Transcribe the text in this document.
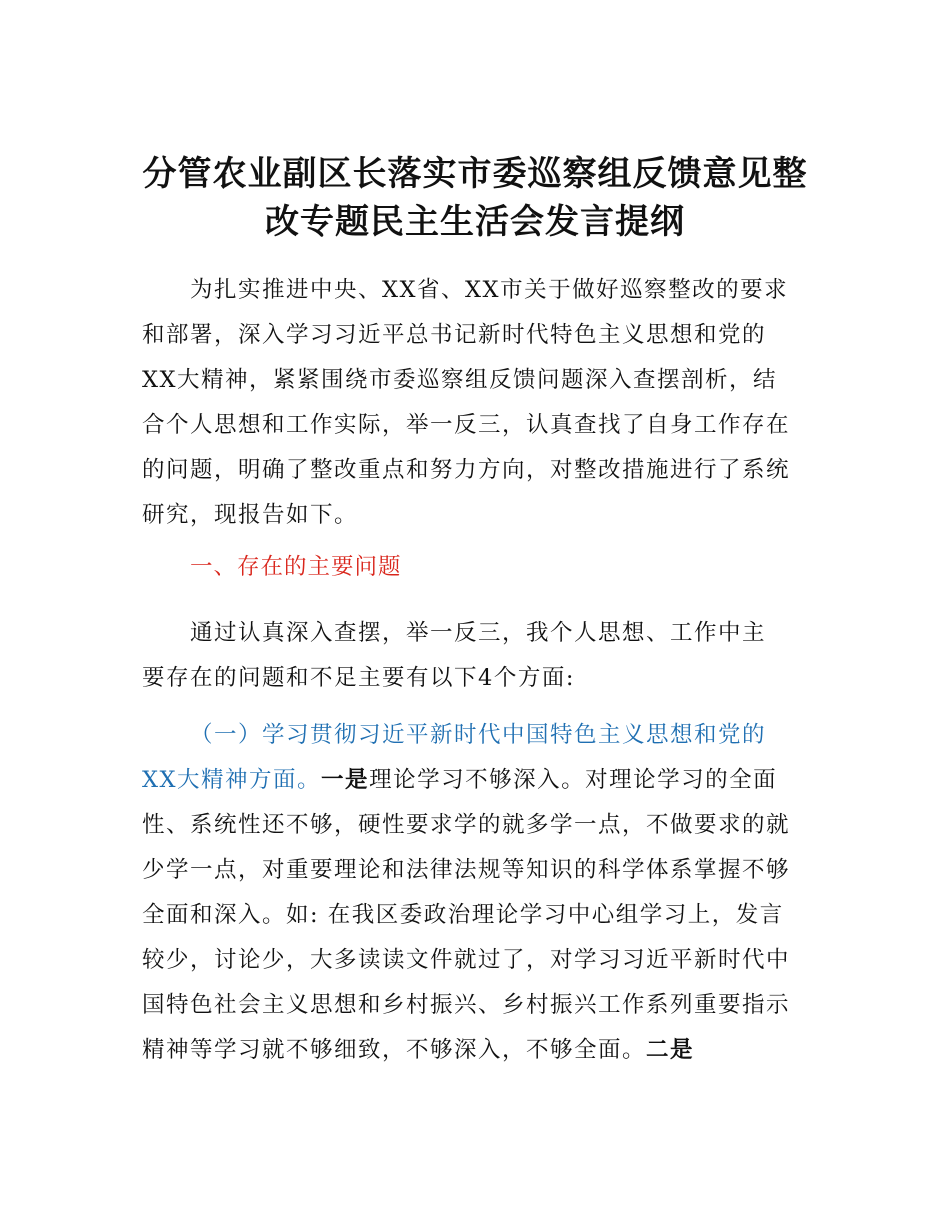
分管农业副区长落实市委巡察组反馈意见整
改专题民主生活会发言提纲
为扎实推进中央、XX省、XX市关于做好巡察整改的要求
和部署，深入学习习近平总书记新时代特色主义思想和党的
XX大精神，紧紧围绕市委巡察组反馈问题深入查摆剖析，结
合个人思想和工作实际，举一反三，认真查找了自身工作存在
的问题，明确了整改重点和努力方向，对整改措施进行了系统
研究，现报告如下。
一、存在的主要问题
通过认真深入查摆，举一反三，我个人思想、工作中主
要存在的问题和不足主要有以下4个方面:
（一）学习贯彻习近平新时代中国特色主义思想和党的
XX大精神方面。一是理论学习不够深入。对理论学习的全面
性、系统性还不够，硬性要求学的就多学一点，不做要求的就
少学一点，对重要理论和法律法规等知识的科学体系掌握不够
全面和深入。如: 在我区委政治理论学习中心组学习上，发言
较少，讨论少，大多读读文件就过了，对学习习近平新时代中
国特色社会主义思想和乡村振兴、乡村振兴工作系列重要指示
精神等学习就不够细致，不够深入，不够全面。二是
